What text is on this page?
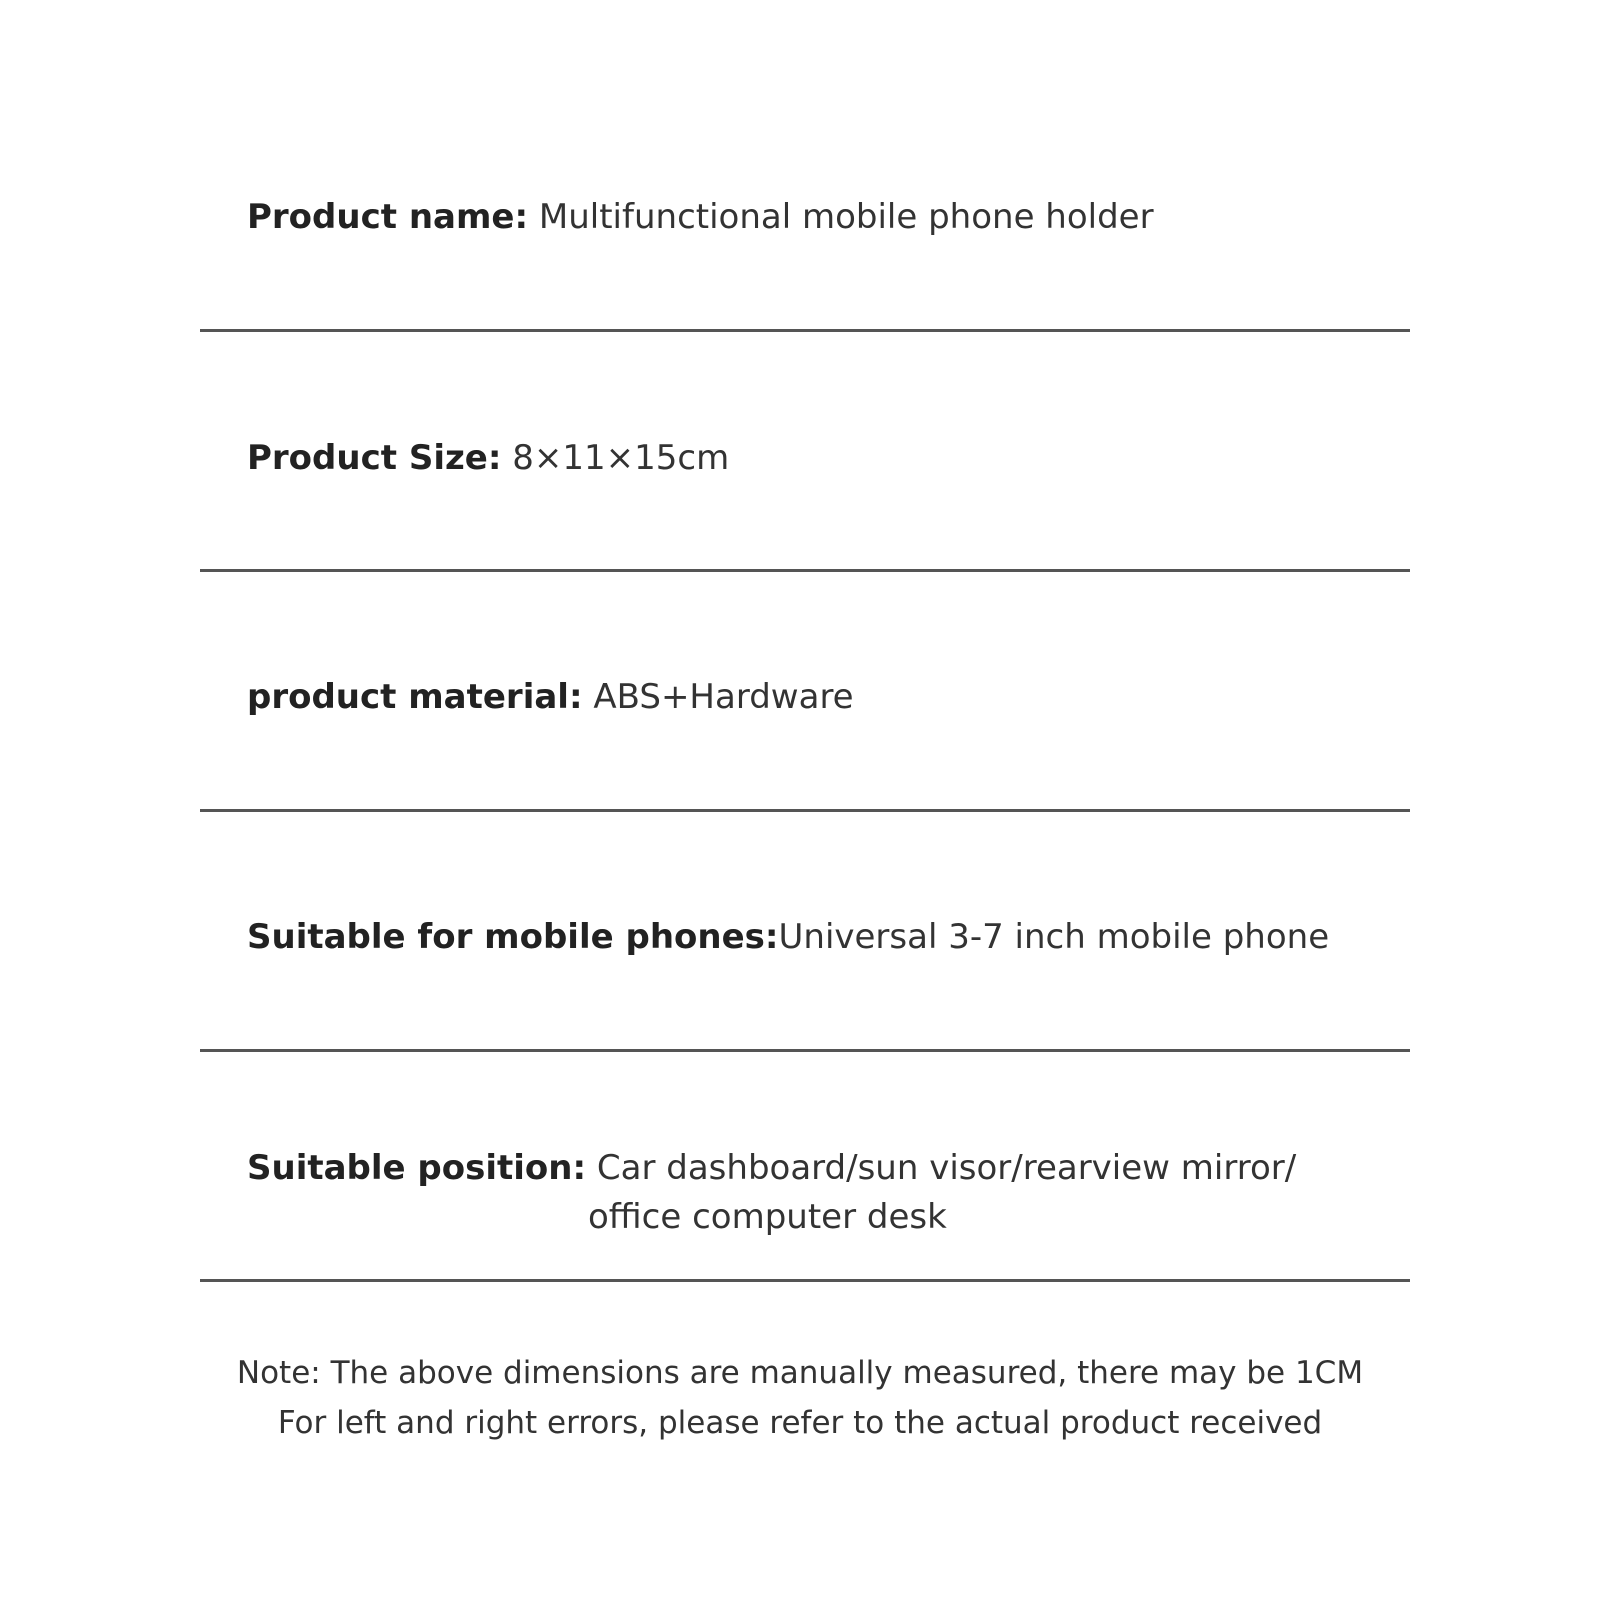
Product name: Multifunctional mobile phone holder
Product Size: 8×11×15cm
product material: ABS+Hardware
Suitable for mobile phones:Universal 3-7 inch mobile phone
Suitable position: Car dashboard/sun visor/rearview mirror/
office computer desk
Note: The above dimensions are manually measured, there may be 1CM
For left and right errors, please refer to the actual product received
